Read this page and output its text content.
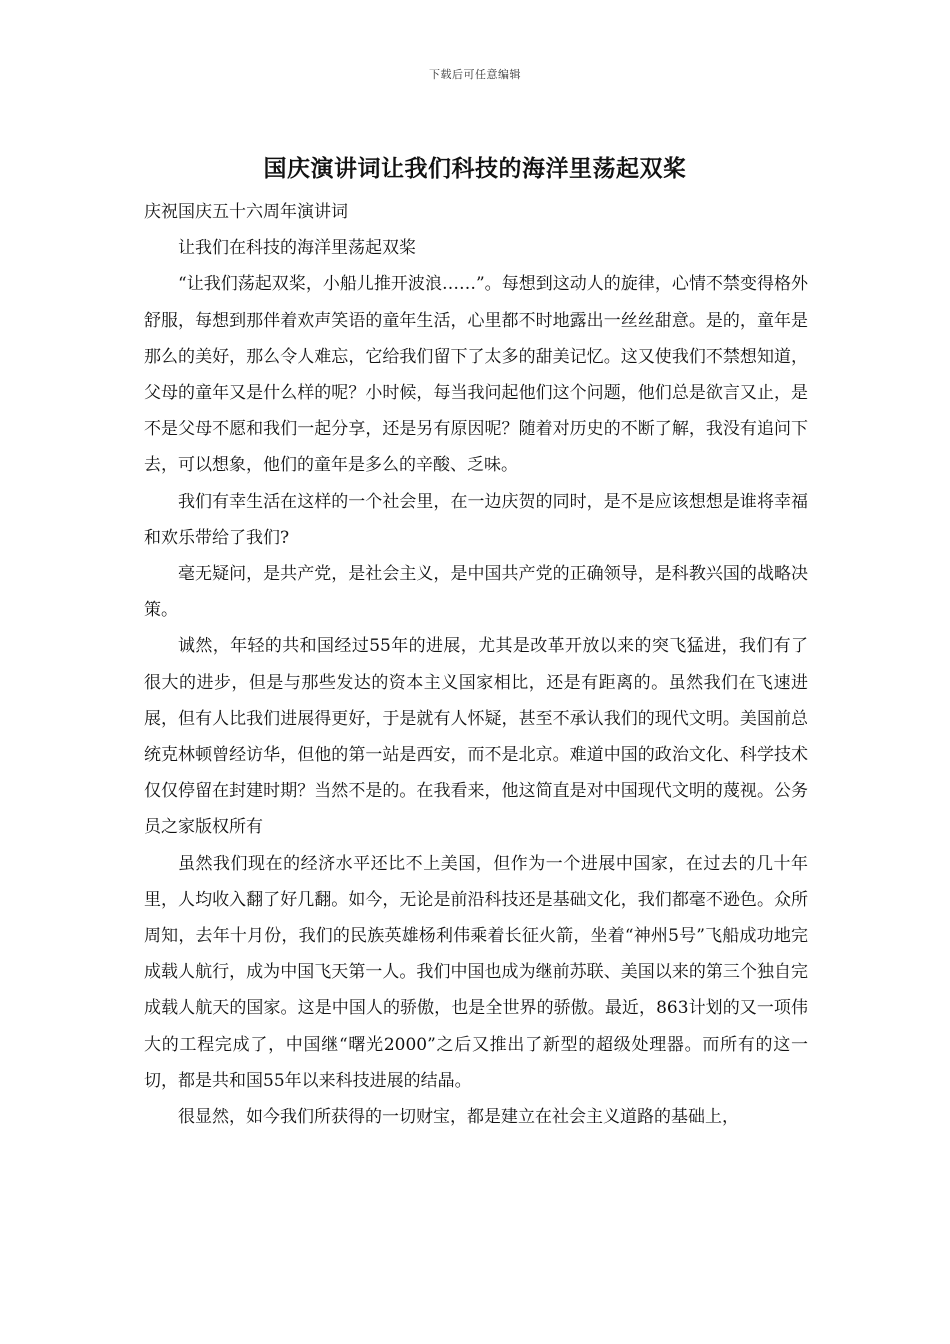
下载后可任意编辑
国庆演讲词让我们科技的海洋里荡起双桨

庆祝国庆五十六周年演讲词

让我们在科技的海洋里荡起双桨

“让我们荡起双桨，小船儿推开波浪……”。每想到这动人的旋律，心情不禁变得格外舒服，每想到那伴着欢声笑语的童年生活，心里都不时地露出一丝丝甜意。是的，童年是那么的美好，那么令人难忘，它给我们留下了太多的甜美记忆。这又使我们不禁想知道，父母的童年又是什么样的呢？小时候，每当我问起他们这个问题，他们总是欲言又止，是不是父母不愿和我们一起分享，还是另有原因呢？随着对历史的不断了解，我没有追问下去，可以想象，他们的童年是多么的辛酸、乏味。

我们有幸生活在这样的一个社会里，在一边庆贺的同时，是不是应该想想是谁将幸福和欢乐带给了我们?

毫无疑问，是共产党，是社会主义，是中国共产党的正确领导，是科教兴国的战略决策。

诚然，年轻的共和国经过55年的进展，尤其是改革开放以来的突飞猛进，我们有了很大的进步，但是与那些发达的资本主义国家相比，还是有距离的。虽然我们在飞速进展，但有人比我们进展得更好，于是就有人怀疑，甚至不承认我们的现代文明。美国前总统克林顿曾经访华，但他的第一站是西安，而不是北京。难道中国的政治文化、科学技术仅仅停留在封建时期？当然不是的。在我看来，他这简直是对中国现代文明的蔑视。公务员之家版权所有

虽然我们现在的经济水平还比不上美国，但作为一个进展中国家，在过去的几十年里，人均收入翻了好几翻。如今，无论是前沿科技还是基础文化，我们都毫不逊色。众所周知，去年十月份，我们的民族英雄杨利伟乘着长征火箭，坐着“神州5号”飞船成功地完成载人航行，成为中国飞天第一人。我们中国也成为继前苏联、美国以来的第三个独自完成载人航天的国家。这是中国人的骄傲，也是全世界的骄傲。最近，863计划的又一项伟大的工程完成了，中国继“曙光2000”之后又推出了新型的超级处理器。而所有的这一切，都是共和国55年以来科技进展的结晶。

很显然，如今我们所获得的一切财宝，都是建立在社会主义道路的基础上，
